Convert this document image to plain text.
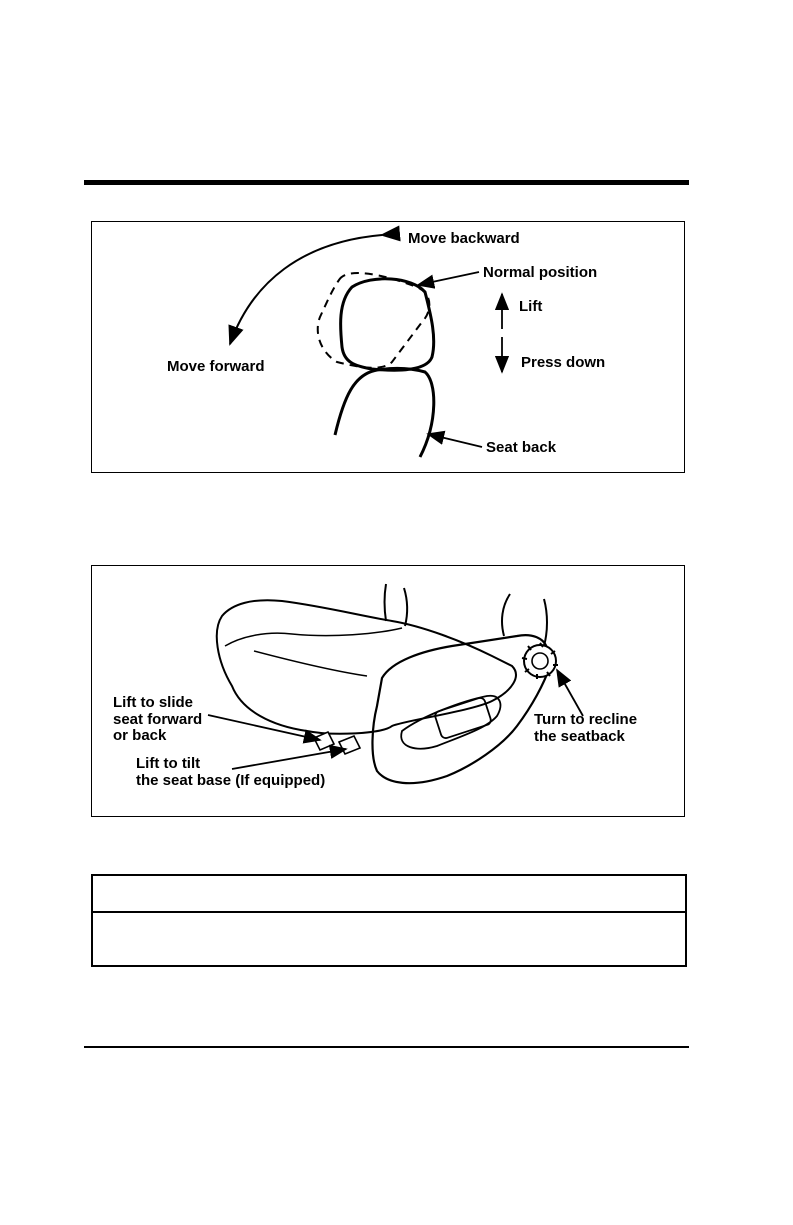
Move backward
Normal position
Lift
Move forward	Press down
Seat back
Lift to slide
seat forward
or back
Lift to tilt
the seat base (If equipped)
Turn to recline
the seatback
